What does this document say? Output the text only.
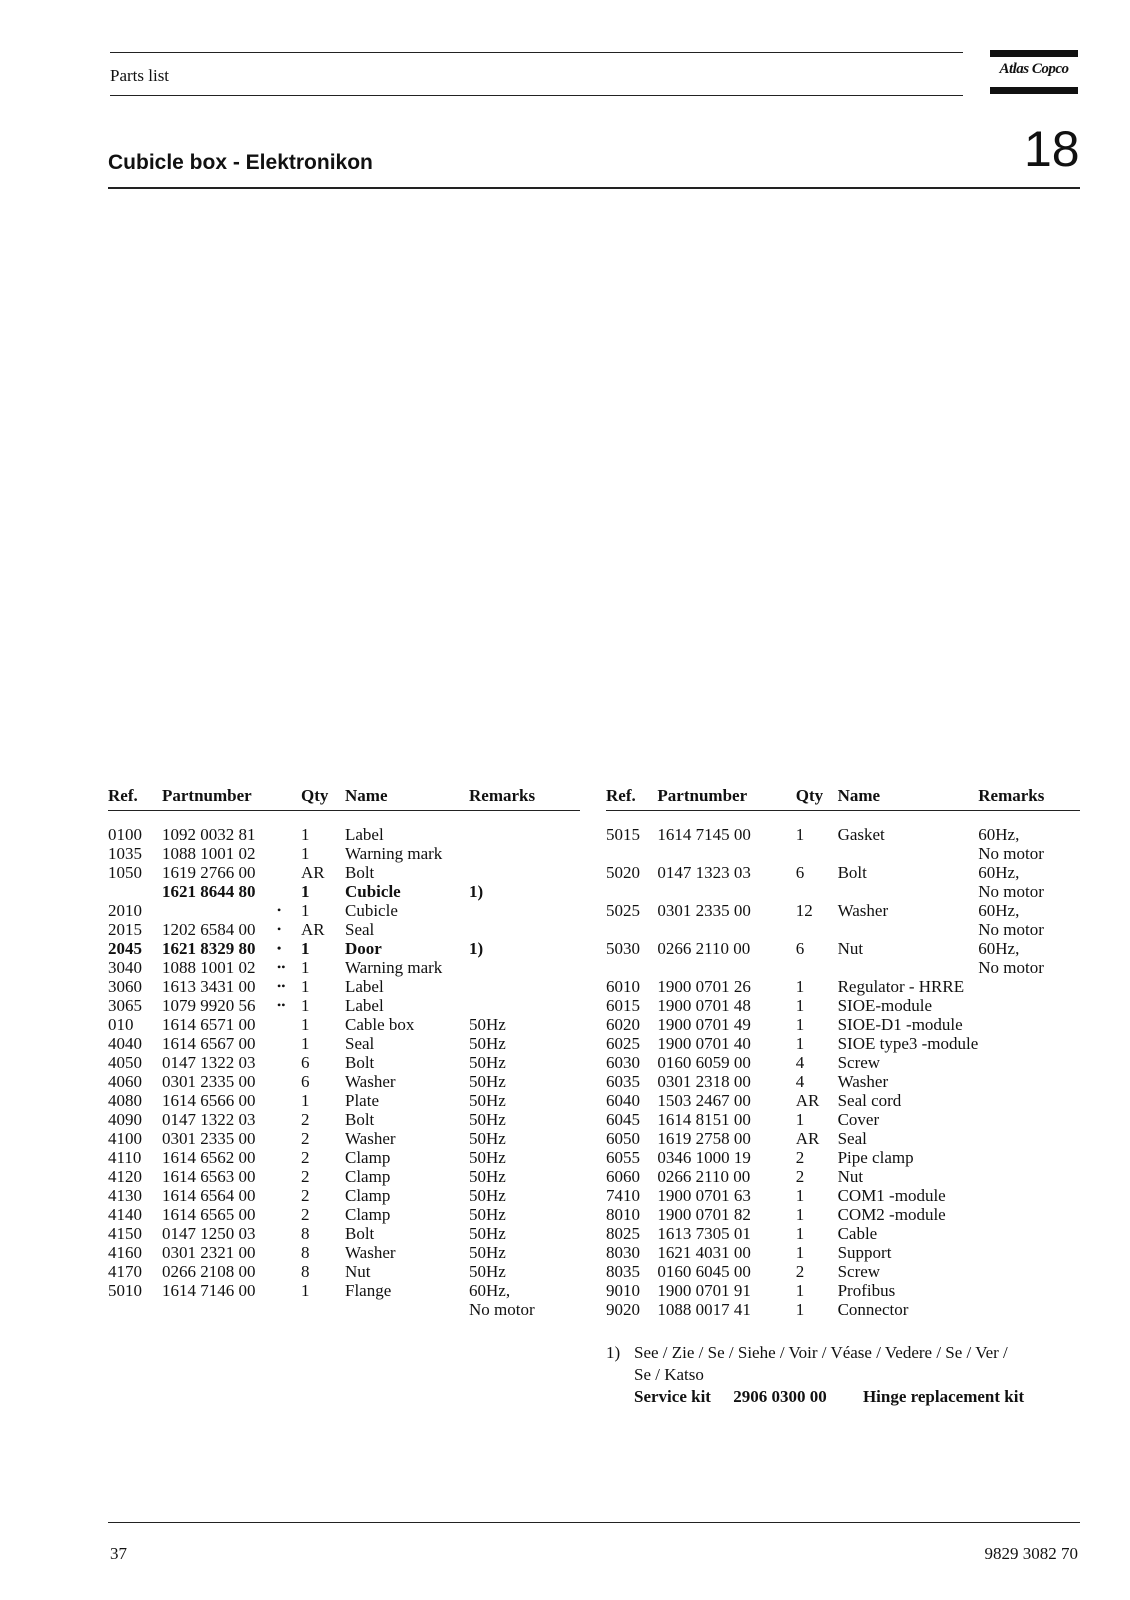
Parts list	Atlas Copco
Cubicle box - Elektronikon	18
Ref.	Partnumber		Qty	Name	Remarks
0100	1092 0032 81		1	Label	
1035	1088 1001 02		1	Warning mark	
1050	1619 2766 00		AR	Bolt	
	1621 8644 80		1	Cubicle	1)
2010		•	1	Cubicle	
2015	1202 6584 00	•	AR	Seal	
2045	1621 8329 80	•	1	Door	1)
3040	1088 1001 02	••	1	Warning mark	
3060	1613 3431 00	••	1	Label	
3065	1079 9920 56	••	1	Label	
010	1614 6571 00		1	Cable box	50Hz
4040	1614 6567 00		1	Seal	50Hz
4050	0147 1322 03		6	Bolt	50Hz
4060	0301 2335 00		6	Washer	50Hz
4080	1614 6566 00		1	Plate	50Hz
4090	0147 1322 03		2	Bolt	50Hz
4100	0301 2335 00		2	Washer	50Hz
4110	1614 6562 00		2	Clamp	50Hz
4120	1614 6563 00		2	Clamp	50Hz
4130	1614 6564 00		2	Clamp	50Hz
4140	1614 6565 00		2	Clamp	50Hz
4150	0147 1250 03		8	Bolt	50Hz
4160	0301 2321 00		8	Washer	50Hz
4170	0266 2108 00		8	Nut	50Hz
5010	1614 7146 00		1	Flange	60Hz,
No motor
Ref.	Partnumber	Qty	Name	Remarks
5015	1614 7145 00	1	Gasket	60Hz,
No motor
5020	0147 1323 03	6	Bolt	60Hz,
No motor
5025	0301 2335 00	12	Washer	60Hz,
No motor
5030	0266 2110 00	6	Nut	60Hz,
No motor
6010	1900 0701 26	1	Regulator - HRRE	
6015	1900 0701 48	1	SIOE-module	
6020	1900 0701 49	1	SIOE-D1 -module	
6025	1900 0701 40	1	SIOE type3 -module	
6030	0160 6059 00	4	Screw	
6035	0301 2318 00	4	Washer	
6040	1503 2467 00	AR	Seal cord	
6045	1614 8151 00	1	Cover	
6050	1619 2758 00	AR	Seal	
6055	0346 1000 19	2	Pipe clamp	
6060	0266 2110 00	2	Nut	
7410	1900 0701 63	1	COM1 -module	
8010	1900 0701 82	1	COM2 -module	
8025	1613 7305 01	1	Cable	
8030	1621 4031 00	1	Support	
8035	0160 6045 00	2	Screw	
9010	1900 0701 91	1	Profibus	
9020	1088 0017 41	1	Connector	
1) See / Zie / Se / Siehe / Voir / Véase / Vedere / Se / Ver /
Se / Katso
Service kit 2906 0300 00 Hinge replacement kit
37	9829 3082 70
